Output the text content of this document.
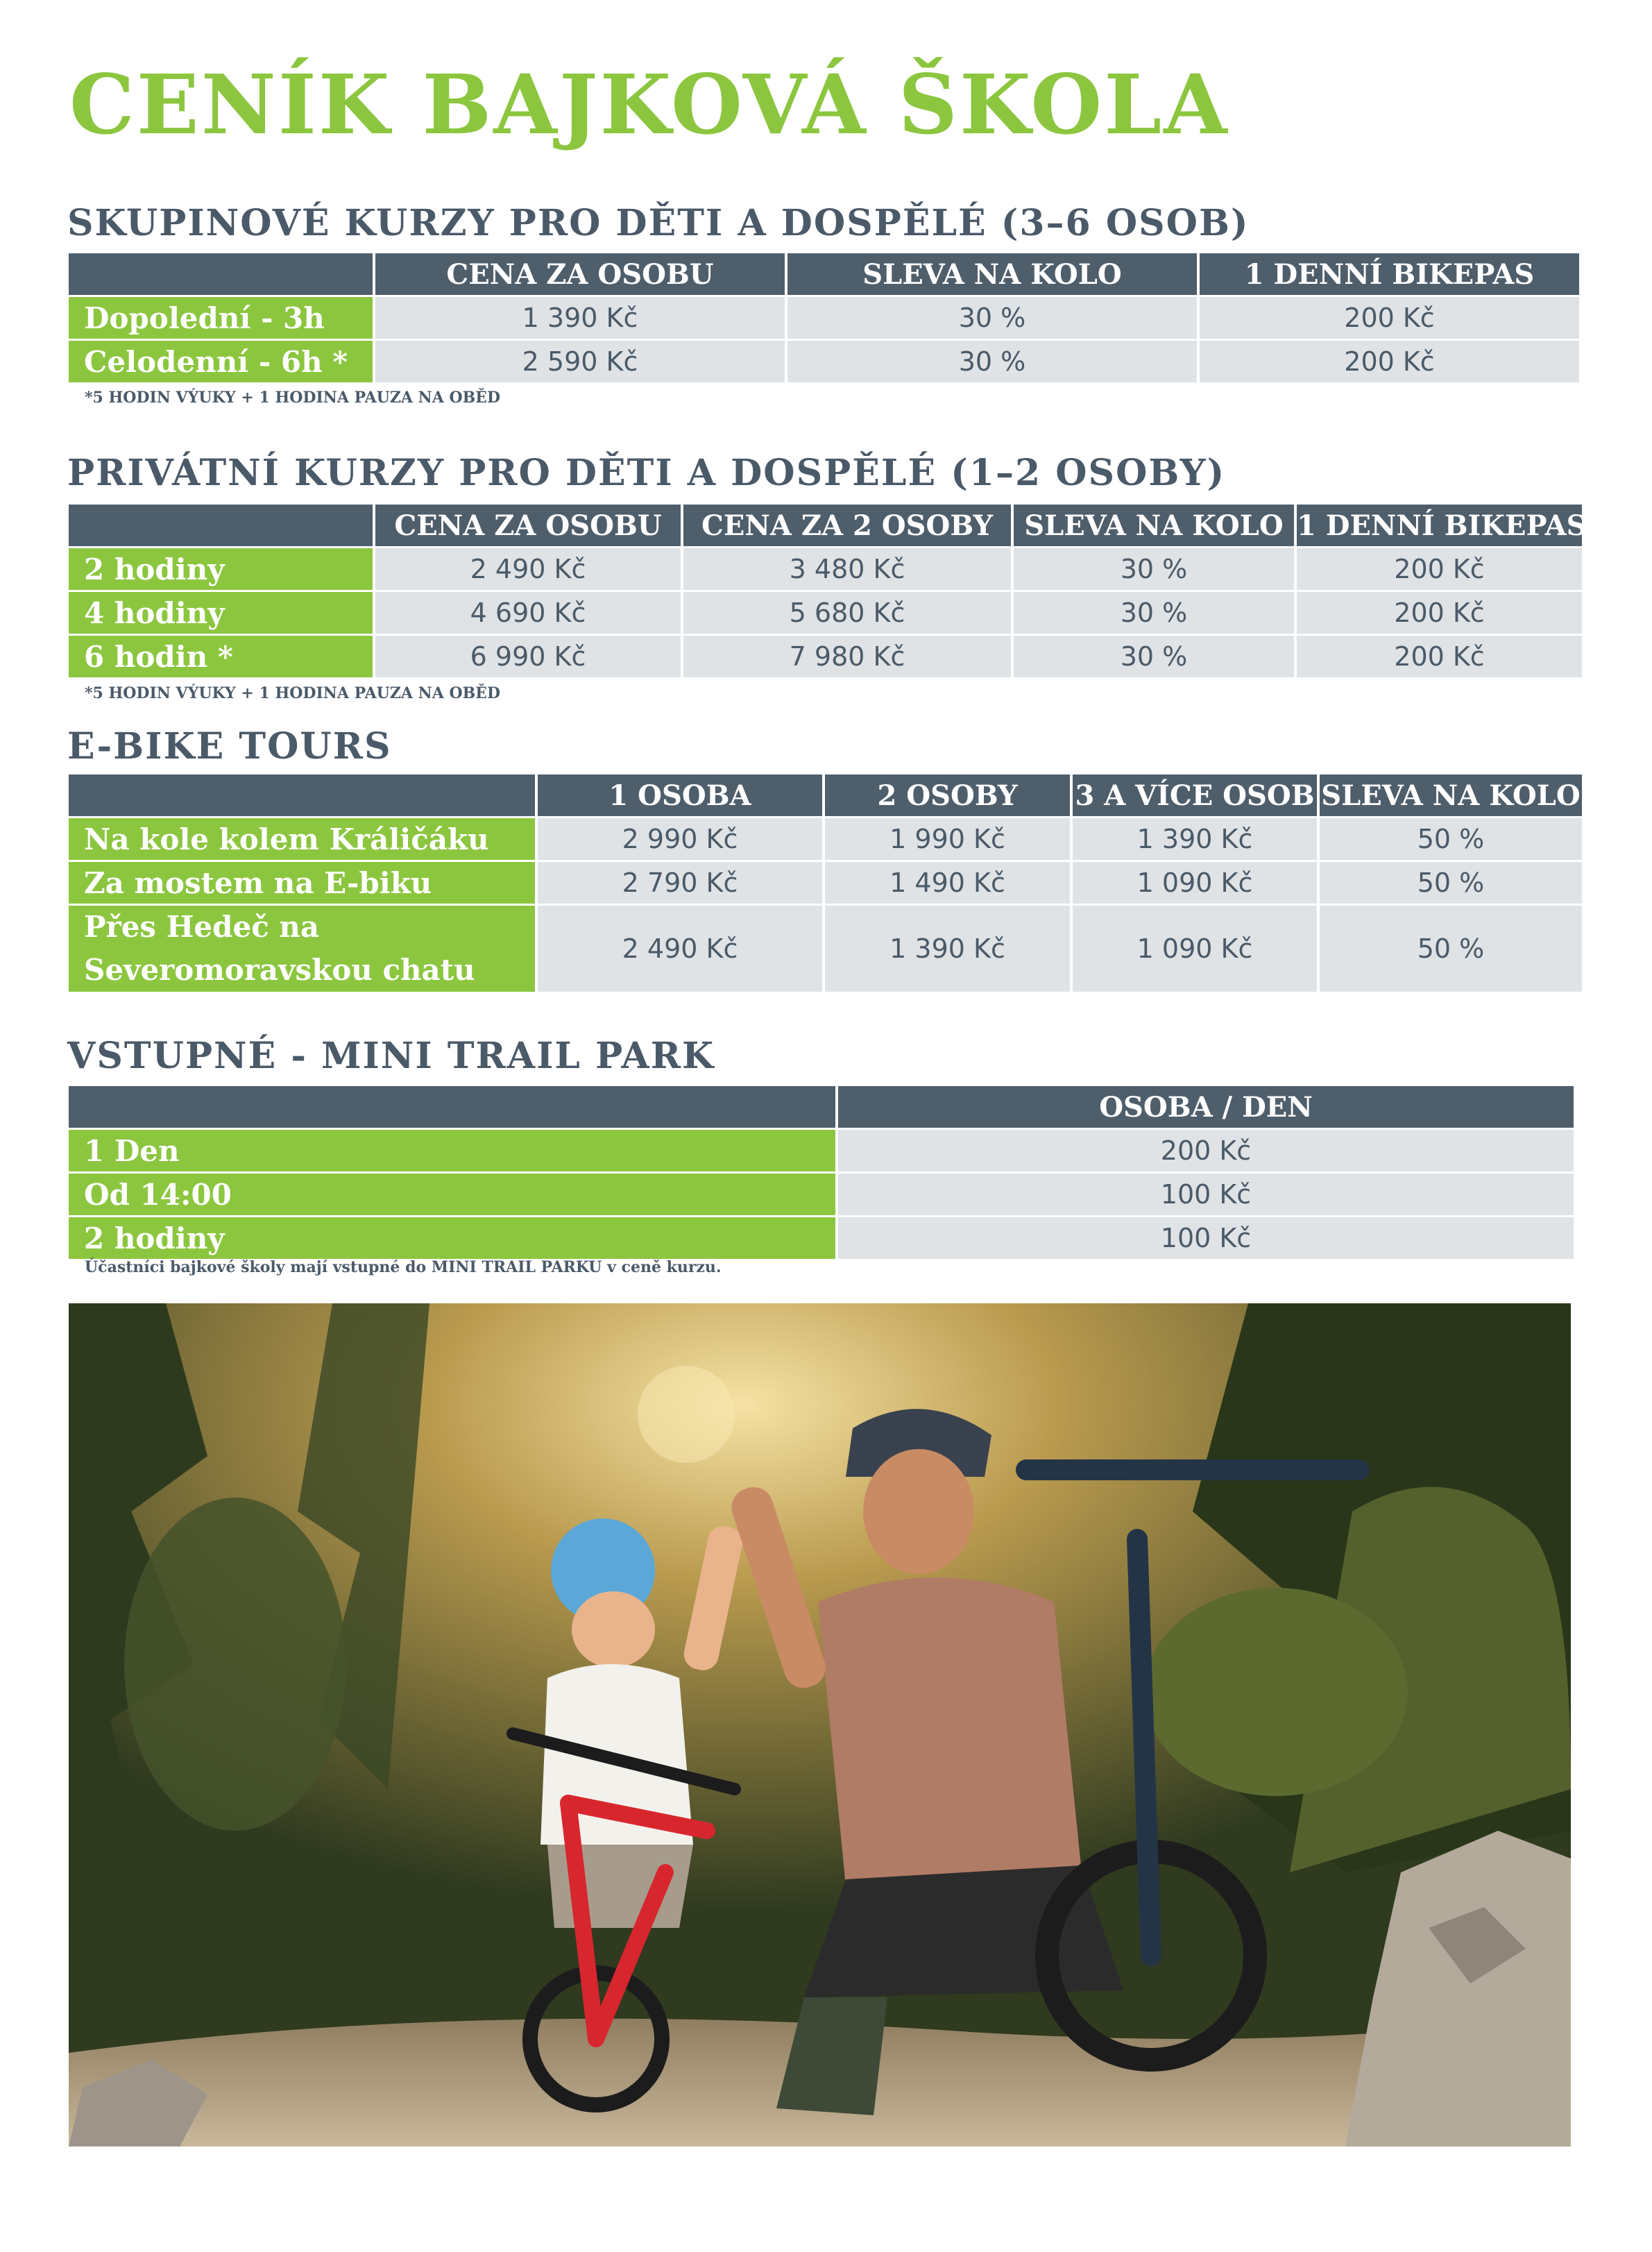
CENÍK BAJKOVÁ ŠKOLA
SKUPINOVÉ KURZY PRO DĚTI A DOSPĚLÉ (3–6 OSOB)
	CENA ZA OSOBU	SLEVA NA KOLO	1 DENNÍ BIKEPAS
Dopolední - 3h	1 390 Kč	30 %	200 Kč
Celodenní - 6h *	2 590 Kč	30 %	200 Kč

*5 HODIN VÝUKY + 1 HODINA PAUZA NA OBĚD

PRIVÁTNÍ KURZY PRO DĚTI A DOSPĚLÉ (1–2 OSOBY)
	CENA ZA OSOBU	CENA ZA 2 OSOBY	SLEVA NA KOLO	1 DENNÍ BIKEPAS
2 hodiny	2 490 Kč	3 480 Kč	30 %	200 Kč
4 hodiny	4 690 Kč	5 680 Kč	30 %	200 Kč
6 hodin *	6 990 Kč	7 980 Kč	30 %	200 Kč

*5 HODIN VÝUKY + 1 HODINA PAUZA NA OBĚD

E-BIKE TOURS
	1 OSOBA	2 OSOBY	3 A VÍCE OSOB	SLEVA NA KOLO
Na kole kolem Králičáku	2 990 Kč	1 990 Kč	1 390 Kč	50 %
Za mostem na E-biku	2 790 Kč	1 490 Kč	1 090 Kč	50 %
Přes Hedeč na Severomoravskou chatu	2 490 Kč	1 390 Kč	1 090 Kč	50 %
VSTUPNÉ - MINI TRAIL PARK
	OSOBA / DEN
1 Den	200 Kč
Od 14:00	100 Kč
2 hodiny	100 Kč

Účastníci bajkové školy mají vstupné do MINI TRAIL PARKU v ceně kurzu.
